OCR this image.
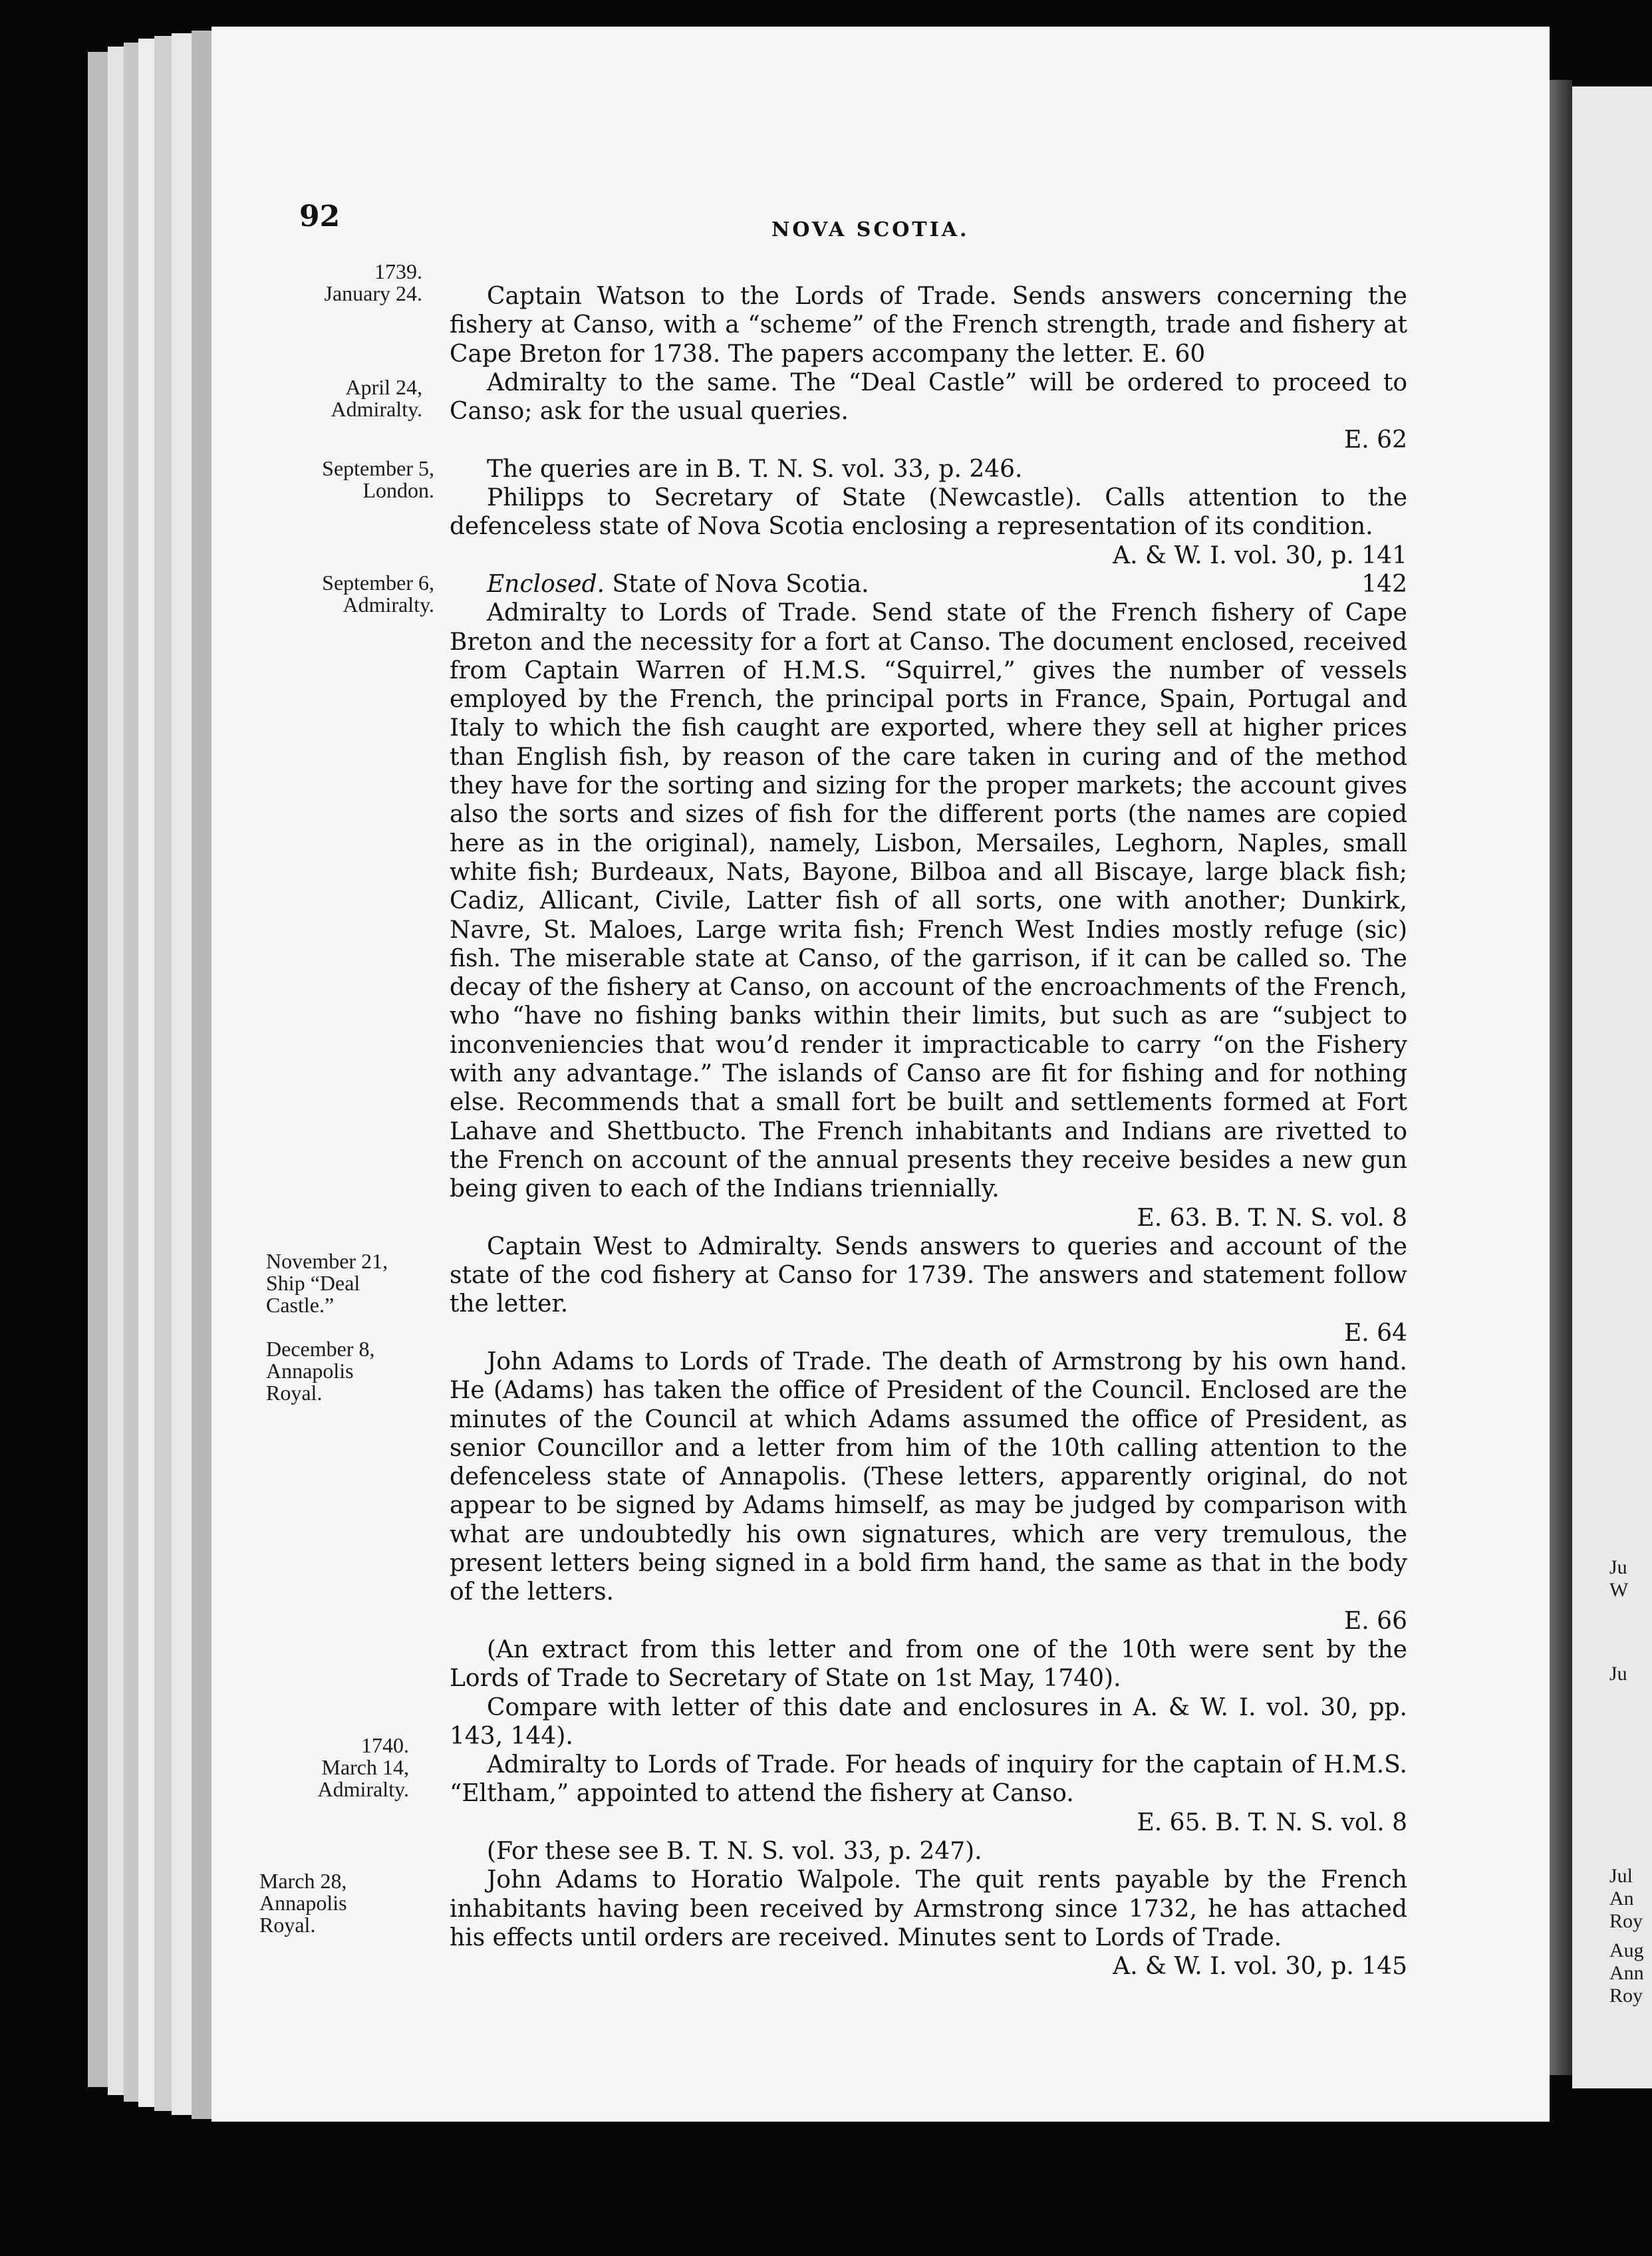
Ju
W
Ju
Jul
An
Roy
Aug
Ann
Roy
92	NOVA SCOTIA.
1739.
January 24.
April 24,
Admiralty.
September 5,
London.
September 6,
Admiralty.
November 21,
Ship “Deal
Castle.”
December 8,
Annapolis
Royal.
1740.
March 14,
Admiralty.
March 28,
Annapolis
Royal.

Captain Watson to the Lords of Trade. Sends answers concerning the fishery at Canso, with a “scheme” of the French strength, trade and fishery at Cape Breton for 1738. The papers accompany the letter. E. 60

Admiralty to the same. The “Deal Castle” will be ordered to proceed to Canso; ask for the usual queries.
E. 62

The queries are in B. T. N. S. vol. 33, p. 246.

Philipps to Secretary of State (Newcastle). Calls attention to the defenceless state of Nova Scotia enclosing a representation of its condition.
A. & W. I. vol. 30, p. 141

Enclosed. State of Nova Scotia.	142

Admiralty to Lords of Trade. Send state of the French fishery of Cape Breton and the necessity for a fort at Canso. The document enclosed, received from Captain Warren of H.M.S. “Squirrel,” gives the number of vessels employed by the French, the principal ports in France, Spain, Portugal and Italy to which the fish caught are exported, where they sell at higher prices than English fish, by reason of the care taken in curing and of the method they have for the sorting and sizing for the proper markets; the account gives also the sorts and sizes of fish for the different ports (the names are copied here as in the original), namely, Lisbon, Mersailes, Leghorn, Naples, small white fish; Burdeaux, Nats, Bayone, Bilboa and all Biscaye, large black fish; Cadiz, Allicant, Civile, Latter fish of all sorts, one with another; Dunkirk, Navre, St. Maloes, Large writa fish; French West Indies mostly refuge (sic) fish. The miserable state at Canso, of the garrison, if it can be called so. The decay of the fishery at Canso, on account of the encroachments of the French, who “have no fishing banks within their limits, but such as are “subject to inconveniencies that wou’d render it impracticable to carry “on the Fishery with any advantage.” The islands of Canso are fit for fishing and for nothing else. Recommends that a small fort be built and settlements formed at Fort Lahave and Shettbucto. The French inhabitants and Indians are rivetted to the French on account of the annual presents they receive besides a new gun being given to each of the Indians triennially.
E. 63. B. T. N. S. vol. 8

Captain West to Admiralty. Sends answers to queries and account of the state of the cod fishery at Canso for 1739. The answers and statement follow the letter.
E. 64

John Adams to Lords of Trade. The death of Armstrong by his own hand. He (Adams) has taken the office of President of the Council. Enclosed are the minutes of the Council at which Adams assumed the office of President, as senior Councillor and a letter from him of the 10th calling attention to the defenceless state of Annapolis. (These letters, apparently original, do not appear to be signed by Adams himself, as may be judged by comparison with what are undoubtedly his own signatures, which are very tremulous, the present letters being signed in a bold firm hand, the same as that in the body of the letters.
E. 66

(An extract from this letter and from one of the 10th were sent by the Lords of Trade to Secretary of State on 1st May, 1740).

Compare with letter of this date and enclosures in A. & W. I. vol. 30, pp. 143, 144).

Admiralty to Lords of Trade. For heads of inquiry for the captain of H.M.S. “Eltham,” appointed to attend the fishery at Canso.
E. 65. B. T. N. S. vol. 8

(For these see B. T. N. S. vol. 33, p. 247).

John Adams to Horatio Walpole. The quit rents payable by the French inhabitants having been received by Armstrong since 1732, he has attached his effects until orders are received. Minutes sent to Lords of Trade.
A. & W. I. vol. 30, p. 145
